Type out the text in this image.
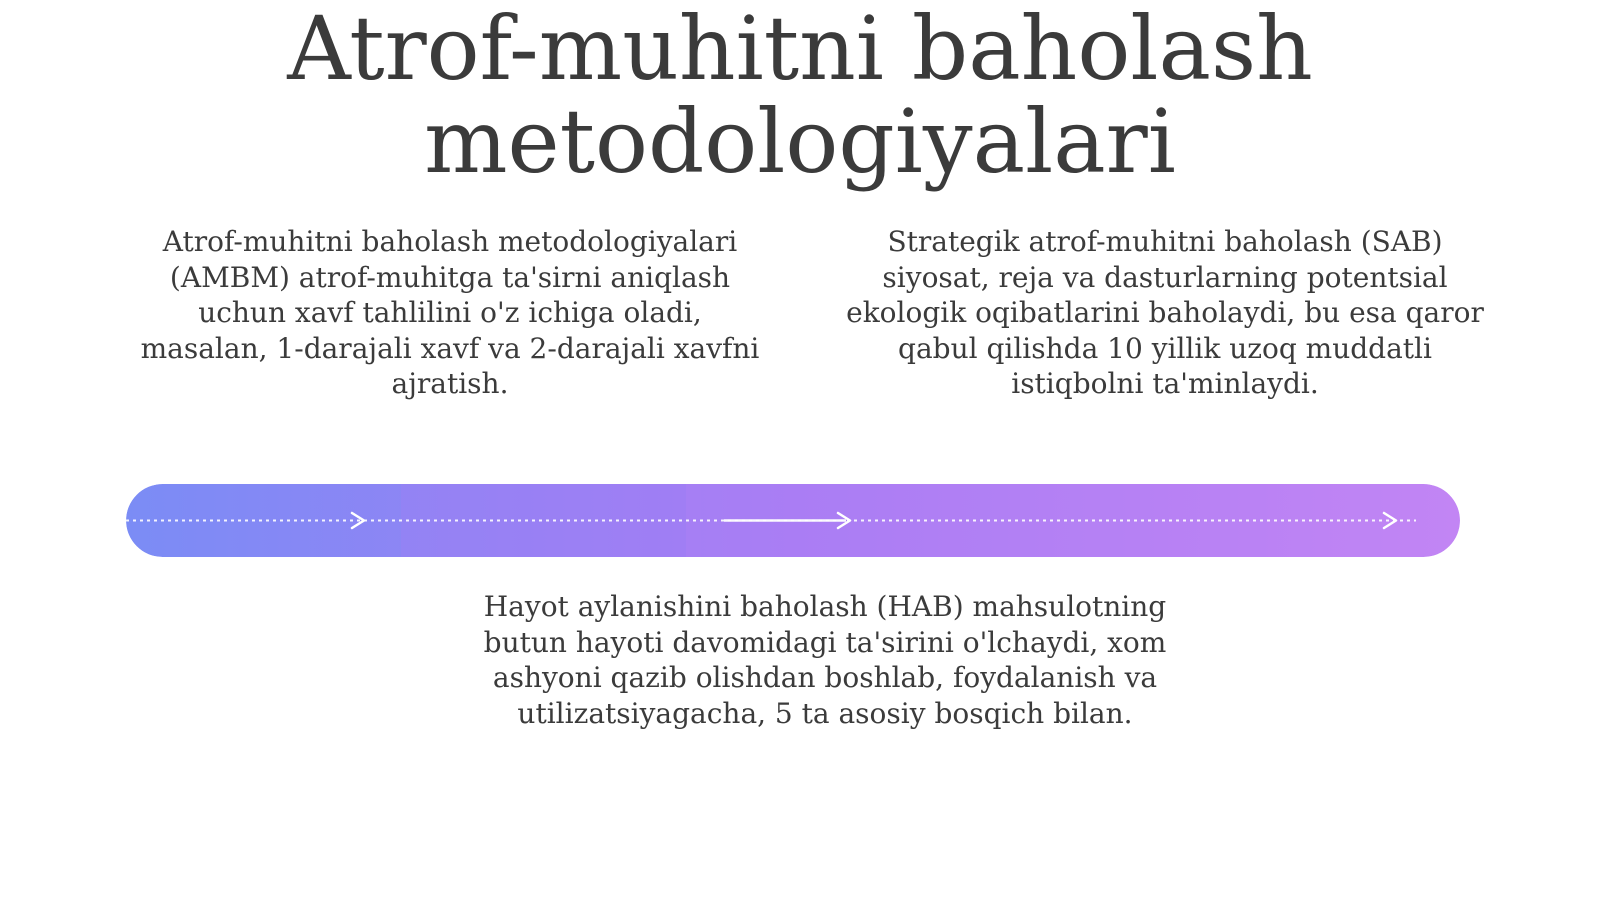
Atrof-muhitni baholash
metodologiyalari

Atrof-muhitni baholash metodologiyalari (AMBM) atrof-muhitga ta'sirni aniqlash uchun xavf tahlilini o'z ichiga oladi, masalan, 1-darajali xavf va 2-darajali xavfni ajratish.

Strategik atrof-muhitni baholash (SAB) siyosat, reja va dasturlarning potentsial ekologik oqibatlarini baholaydi, bu esa qaror qabul qilishda 10 yillik uzoq muddatli istiqbolni ta'minlaydi.

Hayot aylanishini baholash (HAB) mahsulotning butun hayoti davomidagi ta'sirini o'lchaydi, xom ashyoni qazib olishdan boshlab, foydalanish va utilizatsiyagacha, 5 ta asosiy bosqich bilan.
